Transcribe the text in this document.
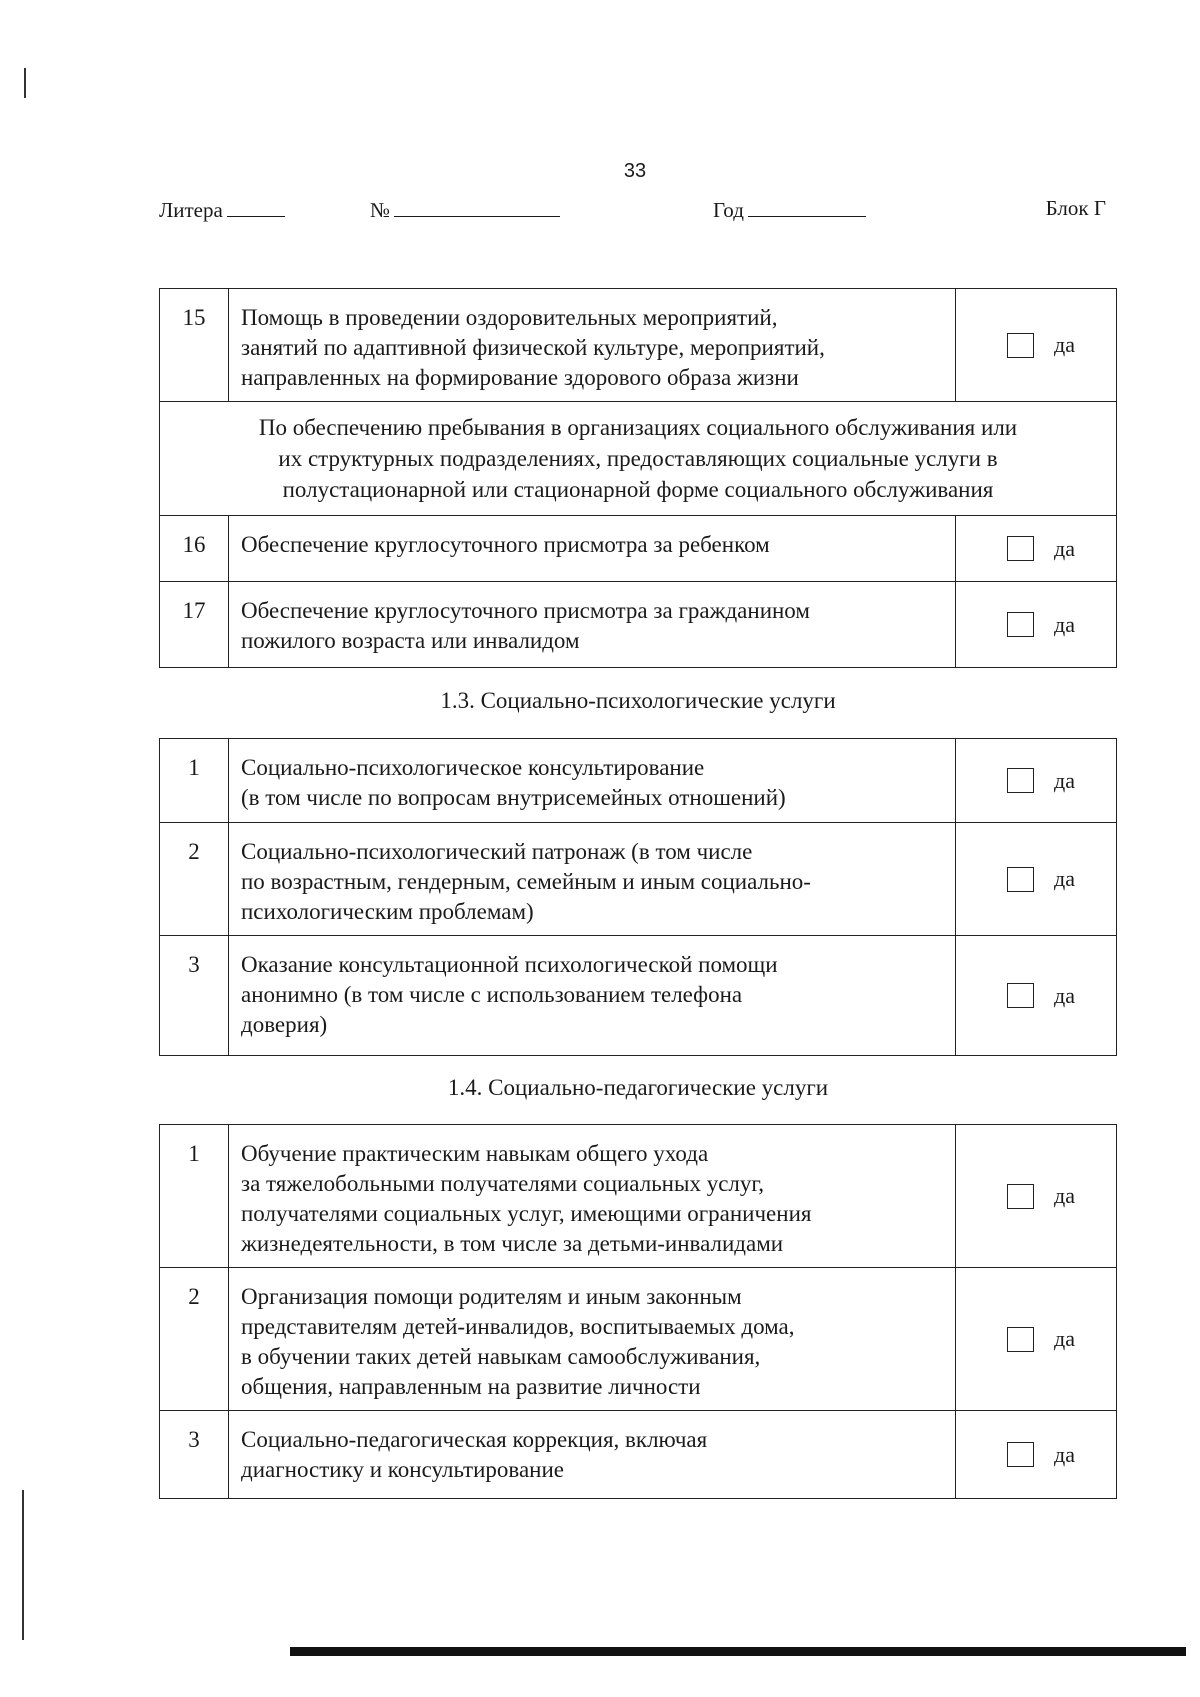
33
Литера	№	Год	Блок Г
15	Помощь в проведении оздоровительных мероприятий,
занятий по адаптивной физической культуре, мероприятий,
направленных на формирование здорового образа жизни	да

По обеспечению пребывания в организациях социального обслуживания или
их структурных подразделениях, предоставляющих социальные услуги в
полустационарной или стационарной форме социального обслуживания		

16	Обеспечение круглосуточного присмотра за ребенком	да

17	Обеспечение круглосуточного присмотра за гражданином
пожилого возраста или инвалидом	да
1.3. Социально-психологические услуги
1	Социально-психологическое консультирование
(в том числе по вопросам внутрисемейных отношений)	да

2	Социально-психологический патронаж (в том числе
по возрастным, гендерным, семейным и иным социально-
психологическим проблемам)	да

3	Оказание консультационной психологической помощи
анонимно (в том числе с использованием телефона
доверия)	да
1.4. Социально-педагогические услуги
1	Обучение практическим навыкам общего ухода
за тяжелобольными получателями социальных услуг,
получателями социальных услуг, имеющими ограничения
жизнедеятельности, в том числе за детьми-инвалидами	да

2	Организация помощи родителям и иным законным
представителям детей-инвалидов, воспитываемых дома,
в обучении таких детей навыкам самообслуживания,
общения, направленным на развитие личности	да

3	Социально-педагогическая коррекция, включая
диагностику и консультирование	да
